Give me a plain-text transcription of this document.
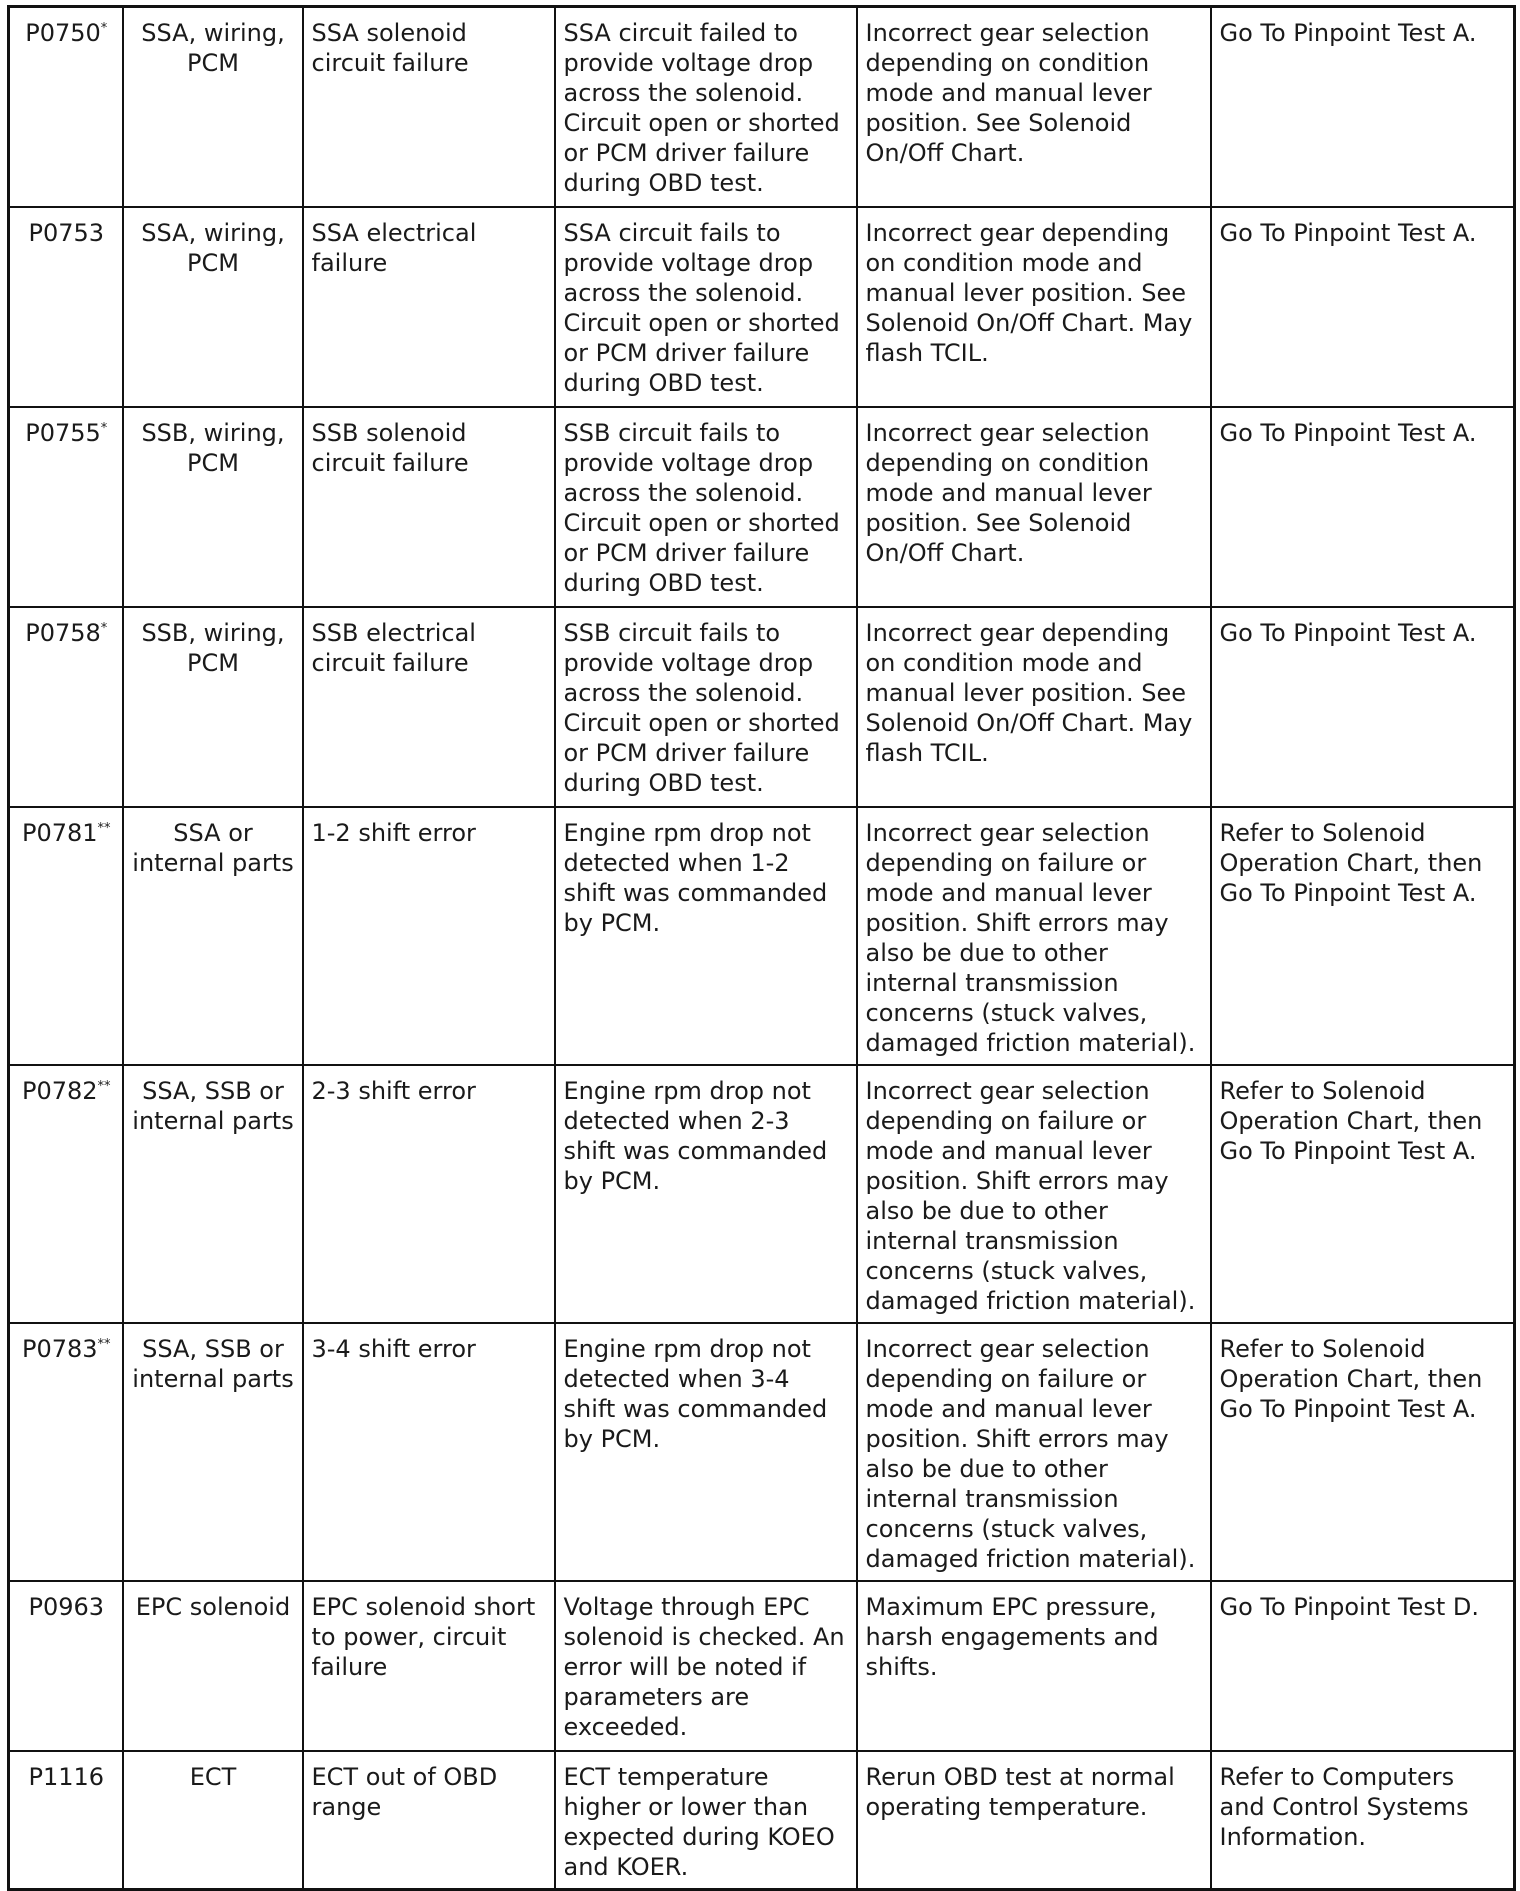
P0750*	SSA, wiring, PCM	SSA solenoid circuit failure	SSA circuit failed to provide voltage drop across the solenoid. Circuit open or shorted or PCM driver failure during OBD test.	Incorrect gear selection depending on condition mode and manual lever position. See Solenoid On/Off Chart.	Go To Pinpoint Test A.
P0753	SSA, wiring, PCM	SSA electrical failure	SSA circuit fails to provide voltage drop across the solenoid. Circuit open or shorted or PCM driver failure during OBD test.	Incorrect gear depending on condition mode and manual lever position. See Solenoid On/Off Chart. May flash TCIL.	Go To Pinpoint Test A.
P0755*	SSB, wiring, PCM	SSB solenoid circuit failure	SSB circuit fails to provide voltage drop across the solenoid. Circuit open or shorted or PCM driver failure during OBD test.	Incorrect gear selection depending on condition mode and manual lever position. See Solenoid On/Off Chart.	Go To Pinpoint Test A.
P0758*	SSB, wiring, PCM	SSB electrical circuit failure	SSB circuit fails to provide voltage drop across the solenoid. Circuit open or shorted or PCM driver failure during OBD test.	Incorrect gear depending on condition mode and manual lever position. See Solenoid On/Off Chart. May flash TCIL.	Go To Pinpoint Test A.
P0781**	SSA or internal parts	1-2 shift error	Engine rpm drop not detected when 1-2 shift was commanded by PCM.	Incorrect gear selection depending on failure or mode and manual lever position. Shift errors may also be due to other internal transmission concerns (stuck valves, damaged friction material).	Refer to Solenoid Operation Chart, then Go To Pinpoint Test A.
P0782**	SSA, SSB or internal parts	2-3 shift error	Engine rpm drop not detected when 2-3 shift was commanded by PCM.	Incorrect gear selection depending on failure or mode and manual lever position. Shift errors may also be due to other internal transmission concerns (stuck valves, damaged friction material).	Refer to Solenoid Operation Chart, then Go To Pinpoint Test A.
P0783**	SSA, SSB or internal parts	3-4 shift error	Engine rpm drop not detected when 3-4 shift was commanded by PCM.	Incorrect gear selection depending on failure or mode and manual lever position. Shift errors may also be due to other internal transmission concerns (stuck valves, damaged friction material).	Refer to Solenoid Operation Chart, then Go To Pinpoint Test A.
P0963	EPC solenoid	EPC solenoid short to power, circuit failure	Voltage through EPC solenoid is checked. An error will be noted if parameters are exceeded.	Maximum EPC pressure, harsh engagements and shifts.	Go To Pinpoint Test D.
P1116	ECT	ECT out of OBD range	ECT temperature higher or lower than expected during KOEO and KOER.	Rerun OBD test at normal operating temperature.	Refer to Computers and Control Systems Information.
